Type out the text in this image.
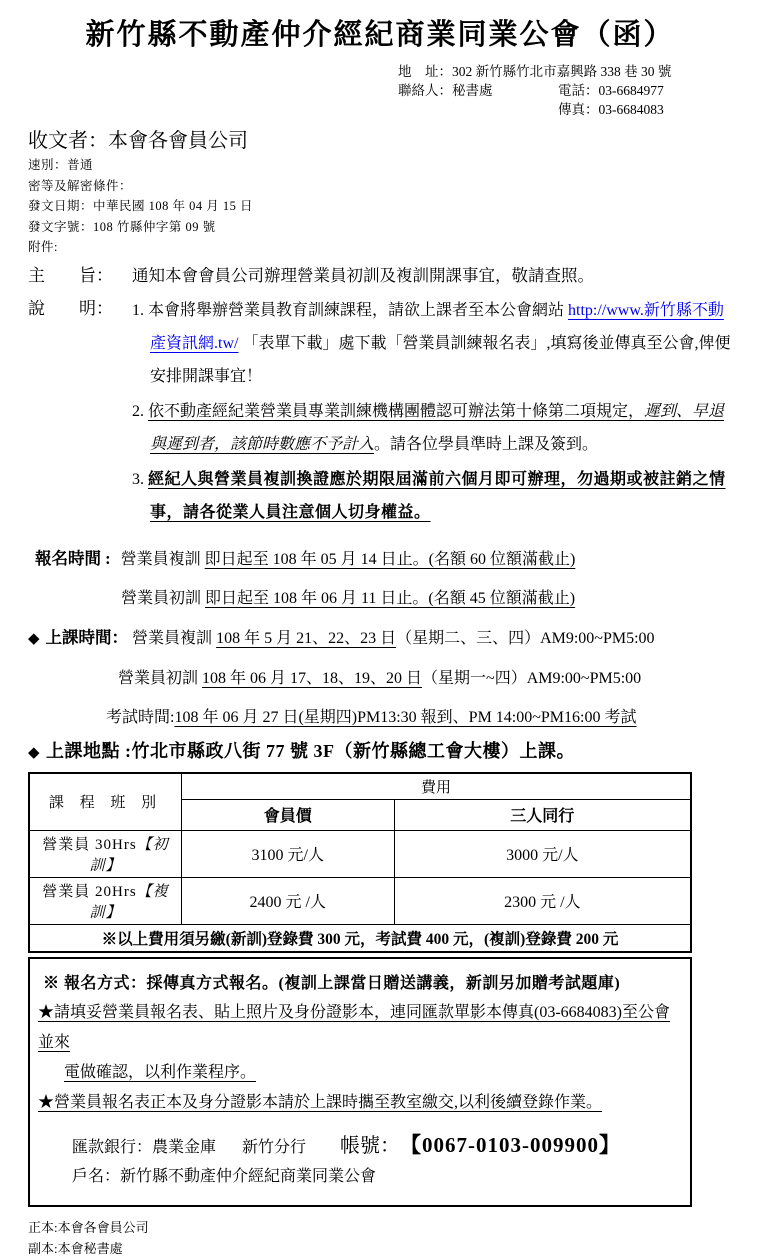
新竹縣不動產仲介經紀商業同業公會（函）
地　址：302 新竹縣竹北市嘉興路 338 巷 30 號
聯絡人：秘書處	電話：03-6684977
傳真：03-6684083
收文者：本會各會員公司
速別：普通
密等及解密條件：
發文日期：中華民國 108 年 04 月 15 日
發文字號：108 竹縣仲字第 09 號
附件:
主　　旨：	通知本會會員公司辦理營業員初訓及複訓開課事宜，敬請查照。
說　　明：	1. 本會將舉辦營業員教育訓練課程，請欲上課者至本公會網站 http://www.新竹縣不動產資訊網.tw/ 「表單下載」處下載「營業員訓練報名表」,填寫後並傳真至公會,俾便安排開課事宜！
2. 依不動產經紀業營業員專業訓練機構團體認可辦法第十條第二項規定，遲到、早退與遲到者，該節時數應不予計入。請各位學員準時上課及簽到。
3. 經紀人與營業員複訓換證應於期限屆滿前六個月即可辦理，勿過期或被註銷之情事，請各從業人員注意個人切身權益。
報名時間 : 營業員複訓 即日起至 108 年 05 月 14 日止。(名額 60 位額滿截止)
營業員初訓 即日起至 108 年 06 月 11 日止。(名額 45 位額滿截止)
◆ 上課時間： 營業員複訓 108 年 5 月 21、22、23 日（星期二、三、四）AM9:00~PM5:00
營業員初訓 108 年 06 月 17、18、19、20 日（星期一~四）AM9:00~PM5:00
考試時間:108 年 06 月 27 日(星期四)PM13:30 報到、PM 14:00~PM16:00 考試
◆ 上課地點 :竹北市縣政八街 77 號 3F（新竹縣總工會大樓）上課。
課 程 班 別	費用	
	會員價	三人同行
營業員 30Hrs【初訓】	3100 元/人	3000 元/人
營業員 20Hrs【複訓】	2400 元 /人	2300 元 /人
※以上費用須另繳(新訓)登錄費 300 元，考試費 400 元，(複訓)登錄費 200 元		
※ 報名方式：採傳真方式報名。(複訓上課當日贈送講義，新訓另加贈考試題庫)
★請填妥營業員報名表、貼上照片及身份證影本，連同匯款單影本傳真(03-6684083)至公會並來
電做確認，以利作業程序。
★營業員報名表正本及身分證影本請於上課時攜至教室繳交,以利後續登錄作業。
匯款銀行： 農業金庫 新竹分行 帳號： 【0067-0103-009900】
戶名：新竹縣不動產仲介經紀商業同業公會
正本:本會各會員公司
副本:本會秘書處
